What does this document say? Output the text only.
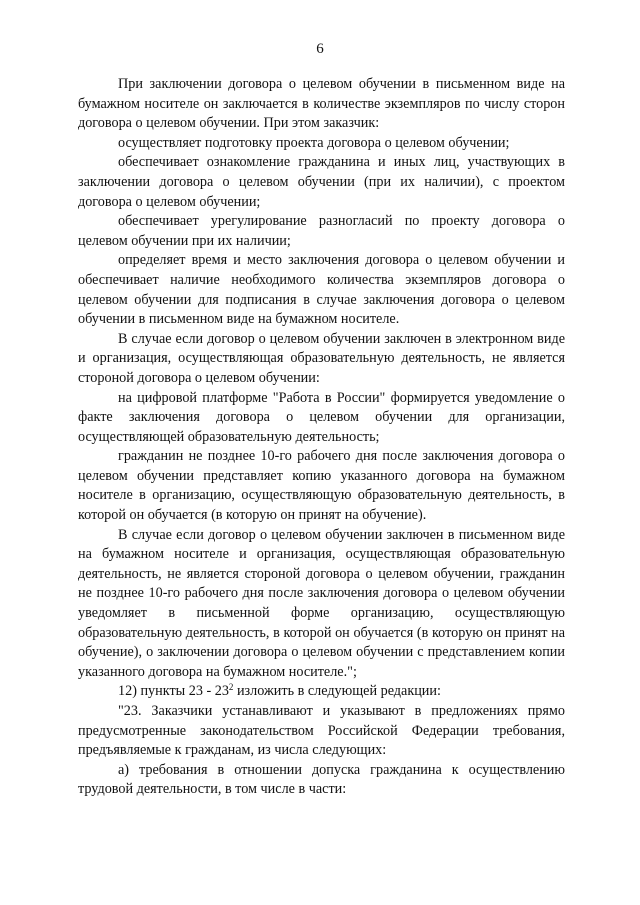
6

При заключении договора о целевом обучении в письменном виде на бумажном носителе он заключается в количестве экземпляров по числу сторон договора о целевом обучении. При этом заказчик:

осуществляет подготовку проекта договора о целевом обучении;

обеспечивает ознакомление гражданина и иных лиц, участвующих в заключении договора о целевом обучении (при их наличии), с проектом договора о целевом обучении;

обеспечивает урегулирование разногласий по проекту договора о целевом обучении при их наличии;

определяет время и место заключения договора о целевом обучении и обеспечивает наличие необходимого количества экземпляров договора о целевом обучении для подписания в случае заключения договора о целевом обучении в письменном виде на бумажном носителе.

В случае если договор о целевом обучении заключен в электронном виде и организация, осуществляющая образовательную деятельность, не является стороной договора о целевом обучении:

на цифровой платформе "Работа в России" формируется уведомление о факте заключения договора о целевом обучении для организации, осуществляющей образовательную деятельность;

гражданин не позднее 10-го рабочего дня после заключения договора о целевом обучении представляет копию указанного договора на бумажном носителе в организацию, осуществляющую образовательную деятельность, в которой он обучается (в которую он принят на обучение).

В случае если договор о целевом обучении заключен в письменном виде на бумажном носителе и организация, осуществляющая образовательную деятельность, не является стороной договора о целевом обучении, гражданин не позднее 10-го рабочего дня после заключения договора о целевом обучении уведомляет в письменной форме организацию, осуществляющую образовательную деятельность, в которой он обучается (в которую он принят на обучение), о заключении договора о целевом обучении с представлением копии указанного договора на бумажном носителе.";

12) пункты $23 - 23^2$ изложить в следующей редакции:

"23. Заказчики устанавливают и указывают в предложениях прямо предусмотренные законодательством Российской Федерации требования, предъявляемые к гражданам, из числа следующих:

а) требования в отношении допуска гражданина к осуществлению трудовой деятельности, в том числе в части:
